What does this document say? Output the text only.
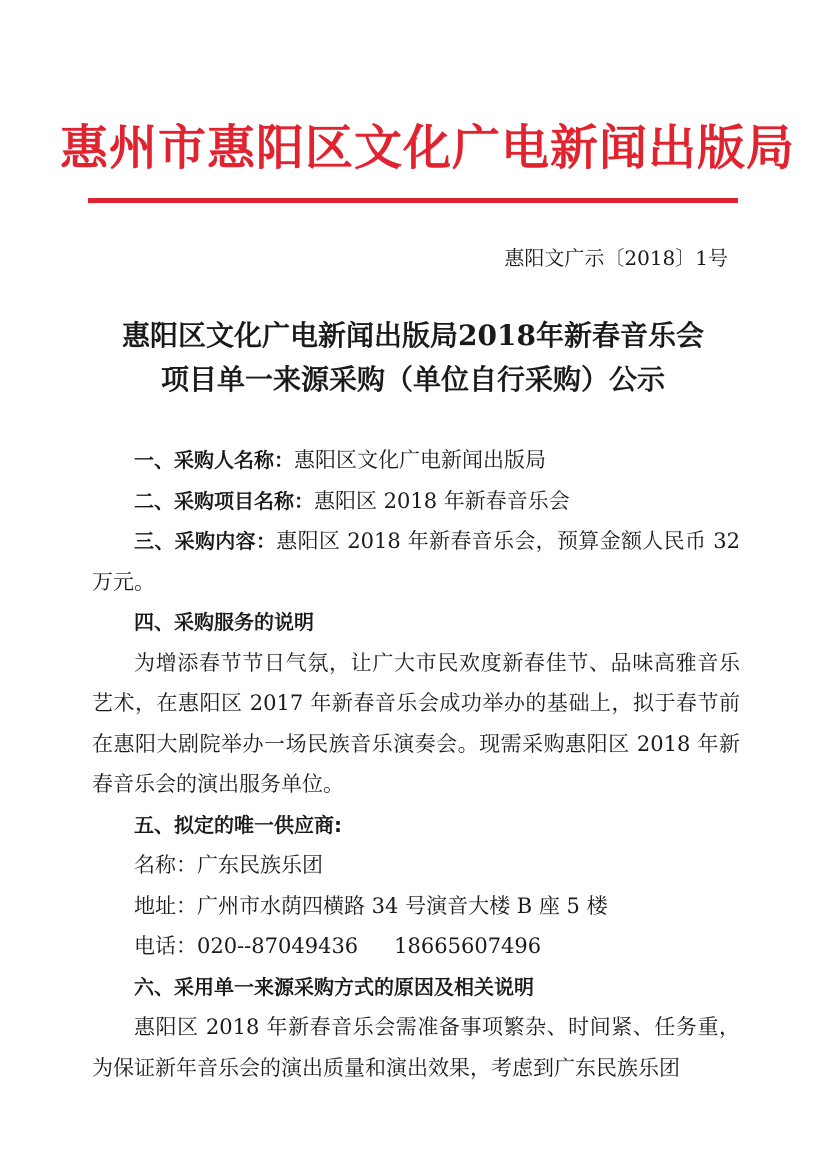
惠州市惠阳区文化广电新闻出版局
惠阳文广示〔2018〕1号
惠阳区文化广电新闻出版局2018年新春音乐会
项目单一来源采购（单位自行采购）公示

一、采购人名称：惠阳区文化广电新闻出版局

二、采购项目名称：惠阳区 2018 年新春音乐会

三、采购内容：惠阳区 2018 年新春音乐会，预算金额人民币 32 万元。

四、采购服务的说明

为增添春节节日气氛，让广大市民欢度新春佳节、品味高雅音乐艺术，在惠阳区 2017 年新春音乐会成功举办的基础上，拟于春节前在惠阳大剧院举办一场民族音乐演奏会。现需采购惠阳区 2018 年新春音乐会的演出服务单位。

五、拟定的唯一供应商:

名称：广东民族乐团

地址：广州市水荫四横路 34 号演音大楼 B 座 5 楼

电话：020--87049436 18665607496

六、采用单一来源采购方式的原因及相关说明

惠阳区 2018 年新春音乐会需准备事项繁杂、时间紧、任务重，为保证新年音乐会的演出质量和演出效果，考虑到广东民族乐团
